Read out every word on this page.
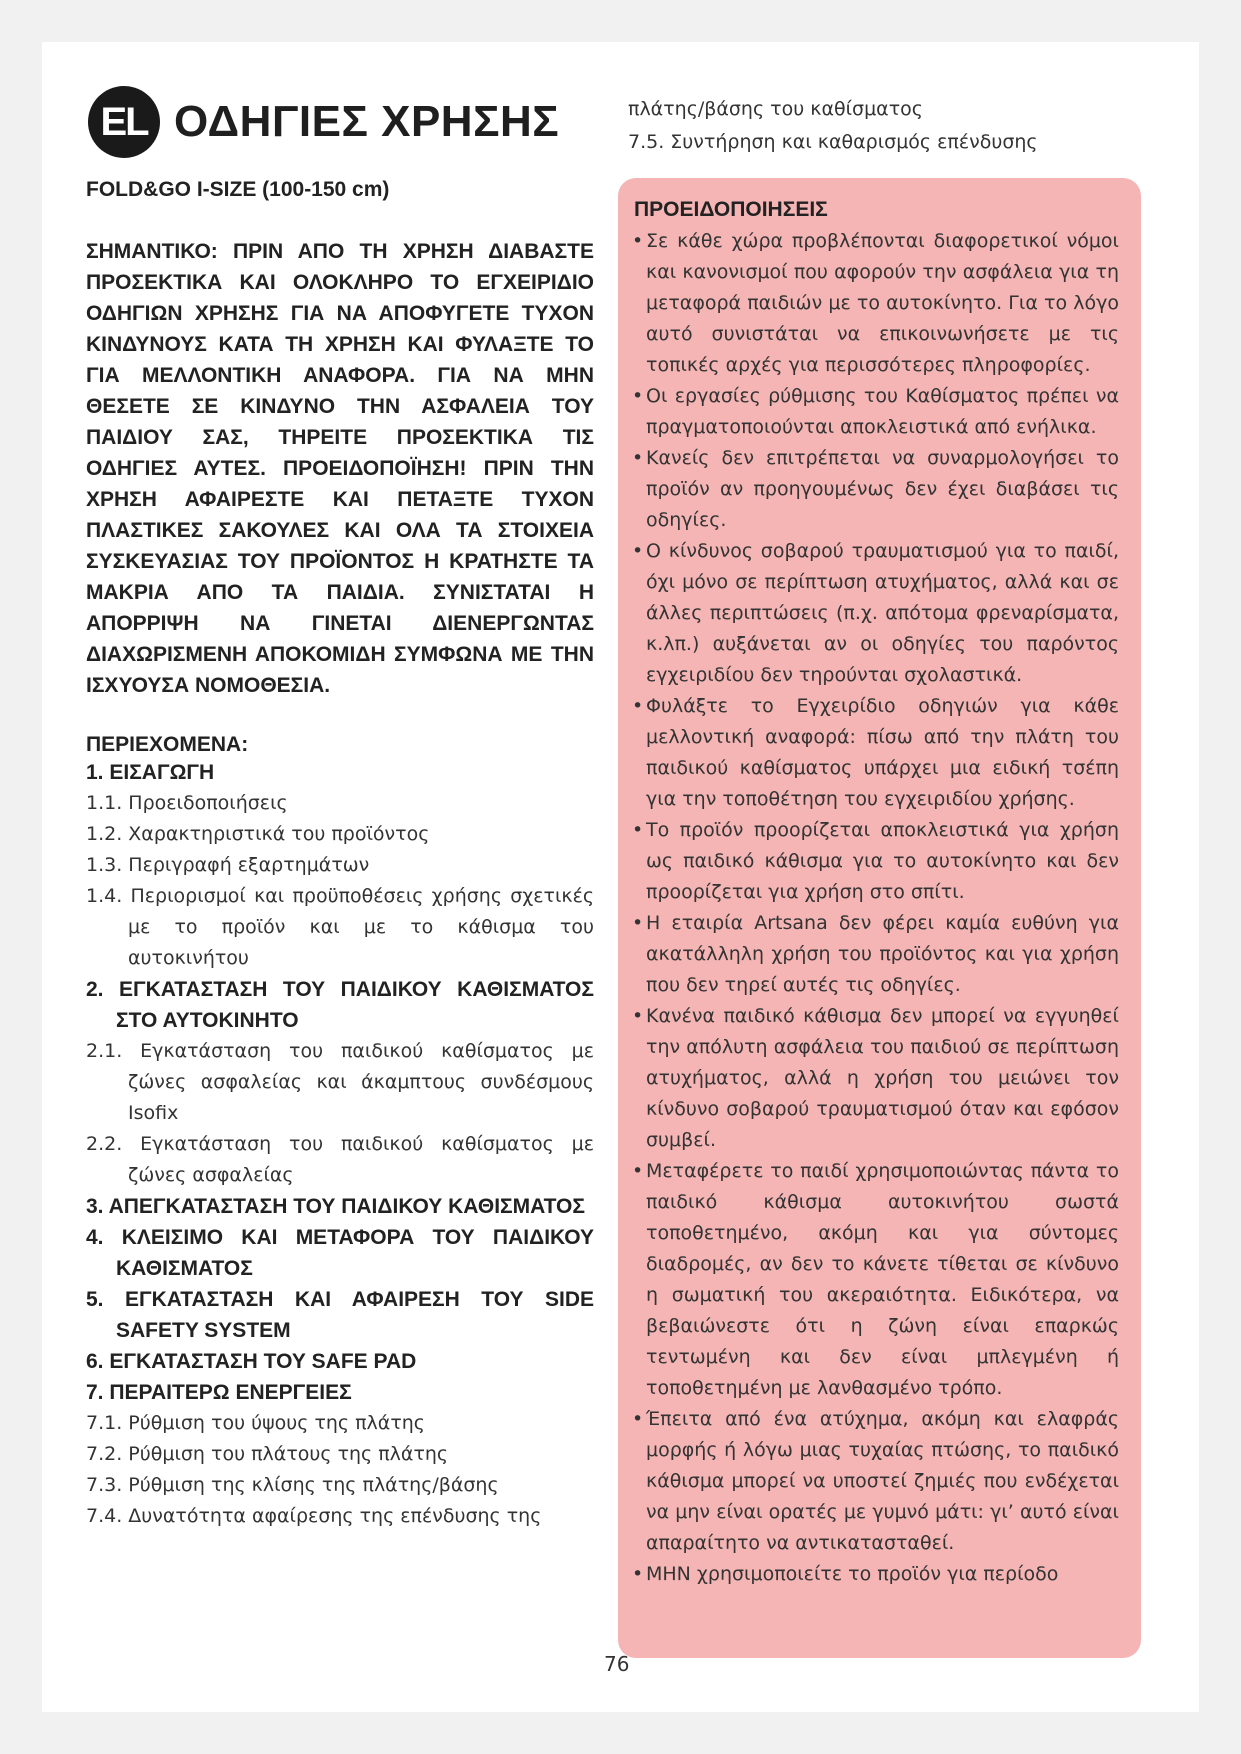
EL ΟΔΗΓΙΕΣ ΧΡΗΣΗΣ
FOLD&GO I-SIZE (100-150 cm)
ΣΗΜΑΝΤΙΚΟ: ΠΡΙΝ ΑΠΟ ΤΗ ΧΡΗΣΗ ΔΙΑΒΑΣΤΕ ΠΡΟΣΕΚΤΙΚΑ ΚΑΙ ΟΛΟΚΛΗΡΟ ΤΟ ΕΓΧΕΙΡΙΔΙΟ ΟΔΗΓΙΩΝ ΧΡΗΣΗΣ ΓΙΑ ΝΑ ΑΠΟΦΥΓΕΤΕ ΤΥΧΟΝ ΚΙΝΔΥΝΟΥΣ ΚΑΤΑ ΤΗ ΧΡΗΣΗ ΚΑΙ ΦΥΛΑΞΤΕ ΤΟ ΓΙΑ ΜΕΛΛΟΝΤΙΚΗ ΑΝΑΦΟΡΑ. ΓΙΑ ΝΑ ΜΗΝ ΘΕΣΕΤΕ ΣΕ ΚΙΝΔΥΝΟ ΤΗΝ ΑΣΦΑΛΕΙΑ ΤΟΥ ΠΑΙΔΙΟΥ ΣΑΣ, ΤΗΡΕΙΤΕ ΠΡΟΣΕΚΤΙΚΑ ΤΙΣ ΟΔΗΓΙΕΣ ΑΥΤΕΣ. ΠΡΟΕΙΔΟΠΟΪΗΣΗ! ΠΡΙΝ ΤΗΝ ΧΡΗΣΗ ΑΦΑΙΡΕΣΤΕ ΚΑΙ ΠΕΤΑΞΤΕ ΤΥΧΟΝ ΠΛΑΣΤΙΚΕΣ ΣΑΚΟΥΛΕΣ ΚΑΙ ΟΛΑ ΤΑ ΣΤΟΙΧΕΙΑ ΣΥΣΚΕΥΑΣΙΑΣ ΤΟΥ ΠΡΟΪΟΝΤΟΣ Η ΚΡΑΤΗΣΤΕ ΤΑ ΜΑΚΡΙΑ ΑΠΟ ΤΑ ΠΑΙΔΙΑ. ΣΥΝΙΣΤΑΤΑΙ Η ΑΠΟΡΡΙΨΗ ΝΑ ΓΙΝΕΤΑΙ ΔΙΕΝΕΡΓΩΝΤΑΣ ΔΙΑΧΩΡΙΣΜΕΝΗ ΑΠΟΚΟΜΙΔΗ ΣΥΜΦΩΝΑ ΜΕ ΤΗΝ ΙΣΧΥΟΥΣΑ ΝΟΜΟΘΕΣΙΑ.
ΠΕΡΙΕΧΟΜΕΝΑ:
1. ΕΙΣΑΓΩΓΗ
1.1. Προειδοποιήσεις
1.2. Χαρακτηριστικά του προϊόντος
1.3. Περιγραφή εξαρτημάτων
1.4. Περιορισμοί και προϋποθέσεις χρήσης σχετικές με το προϊόν και με το κάθισμα του αυτοκινήτου
2. ΕΓΚΑΤΑΣΤΑΣΗ ΤΟΥ ΠΑΙΔΙΚΟΥ ΚΑΘΙΣΜΑΤΟΣ ΣΤΟ ΑΥΤΟΚΙΝΗΤΟ
2.1. Εγκατάσταση του παιδικού καθίσματος με ζώνες ασφαλείας και άκαμπτους συνδέσμους Isofix
2.2. Εγκατάσταση του παιδικού καθίσματος με ζώνες ασφαλείας
3. ΑΠΕΓΚΑΤΑΣΤΑΣΗ ΤΟΥ ΠΑΙΔΙΚΟΥ ΚΑΘΙΣΜΑΤΟΣ
4. ΚΛΕΙΣΙΜΟ ΚΑΙ ΜΕΤΑΦΟΡΑ ΤΟΥ ΠΑΙΔΙΚΟΥ ΚΑΘΙΣΜΑΤΟΣ
5. ΕΓΚΑΤΑΣΤΑΣΗ ΚΑΙ ΑΦΑΙΡΕΣΗ ΤΟΥ SIDE SAFETY SYSTEM
6. ΕΓΚΑΤΑΣΤΑΣΗ ΤΟΥ SAFE PAD
7. ΠΕΡΑΙΤΕΡΩ ΕΝΕΡΓΕΙΕΣ
7.1. Ρύθμιση του ύψους της πλάτης
7.2. Ρύθμιση του πλάτους της πλάτης
7.3. Ρύθμιση της κλίσης της πλάτης/βάσης
7.4. Δυνατότητα αφαίρεσης της επένδυσης της
πλάτης/βάσης του καθίσματος
7.5. Συντήρηση και καθαρισμός επένδυσης
ΠΡΟΕΙΔΟΠΟΙΗΣΕΙΣ
• Σε κάθε χώρα προβλέπονται διαφορετικοί νόμοι και κανονισμοί που αφορούν την ασφάλεια για τη μεταφορά παιδιών με το αυτοκίνητο. Για το λόγο αυτό συνιστάται να επικοινωνήσετε με τις τοπικές αρχές για περισσότερες πληροφορίες.
• Οι εργασίες ρύθμισης του Καθίσματος πρέπει να πραγματοποιούνται αποκλειστικά από ενήλικα.
• Κανείς δεν επιτρέπεται να συναρμολογήσει το προϊόν αν προηγουμένως δεν έχει διαβάσει τις οδηγίες.
• Ο κίνδυνος σοβαρού τραυματισμού για το παιδί, όχι μόνο σε περίπτωση ατυχήματος, αλλά και σε άλλες περιπτώσεις (π.χ. απότομα φρεναρίσματα, κ.λπ.) αυξάνεται αν οι οδηγίες του παρόντος εγχειριδίου δεν τηρούνται σχολαστικά.
• Φυλάξτε το Εγχειρίδιο οδηγιών για κάθε μελλοντική αναφορά: πίσω από την πλάτη του παιδικού καθίσματος υπάρχει μια ειδική τσέπη για την τοποθέτηση του εγχειριδίου χρήσης.
• Το προϊόν προορίζεται αποκλειστικά για χρήση ως παιδικό κάθισμα για το αυτοκίνητο και δεν προορίζεται για χρήση στο σπίτι.
• Η εταιρία Artsana δεν φέρει καμία ευθύνη για ακατάλληλη χρήση του προϊόντος και για χρήση που δεν τηρεί αυτές τις οδηγίες.
• Κανένα παιδικό κάθισμα δεν μπορεί να εγγυηθεί την απόλυτη ασφάλεια του παιδιού σε περίπτωση ατυχήματος, αλλά η χρήση του μειώνει τον κίνδυνο σοβαρού τραυματισμού όταν και εφόσον συμβεί.
• Μεταφέρετε το παιδί χρησιμοποιώντας πάντα το παιδικό κάθισμα αυτοκινήτου σωστά τοποθετημένο, ακόμη και για σύντομες διαδρομές, αν δεν το κάνετε τίθεται σε κίνδυνο η σωματική του ακεραιότητα. Ειδικότερα, να βεβαιώνεστε ότι η ζώνη είναι επαρκώς τεντωμένη και δεν είναι μπλεγμένη ή τοποθετημένη με λανθασμένο τρόπο.
• Έπειτα από ένα ατύχημα, ακόμη και ελαφράς μορφής ή λόγω μιας τυχαίας πτώσης, το παιδικό κάθισμα μπορεί να υποστεί ζημιές που ενδέχεται να μην είναι ορατές με γυμνό μάτι: γι’ αυτό είναι απαραίτητο να αντικατασταθεί.
• ΜΗΝ χρησιμοποιείτε το προϊόν για περίοδο
76
